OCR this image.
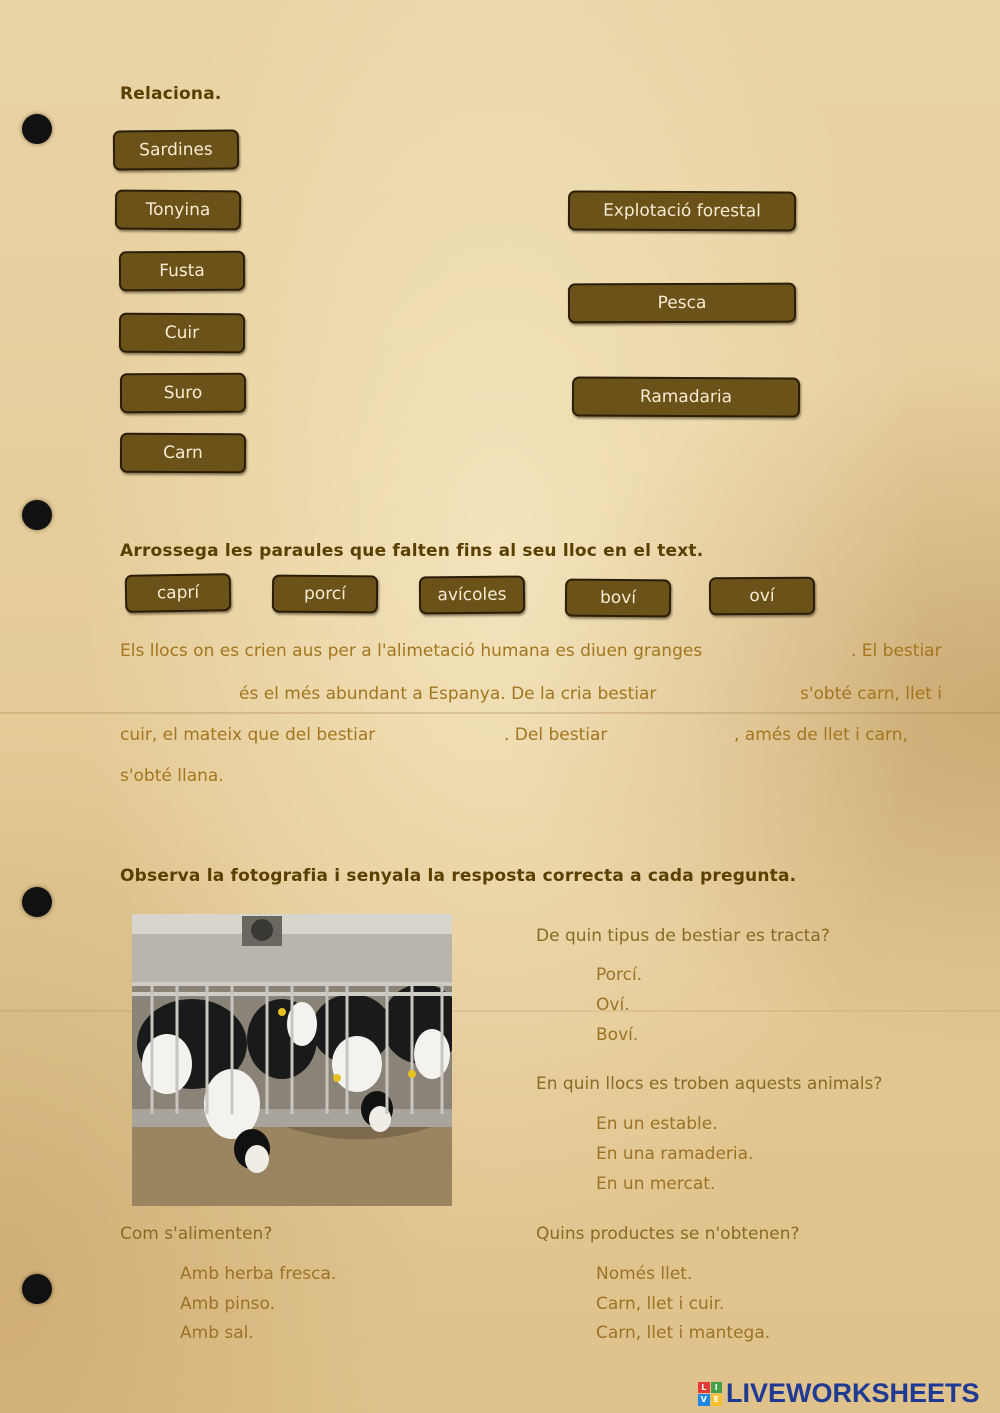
Relaciona.
Sardines
Tonyina
Fusta
Cuir
Suro
Carn
Explotació forestal
Pesca
Ramadaria
Arrossega les paraules que falten fins al seu lloc en el text.
caprí	porcí	avícoles	boví	oví
Els llocs on es crien aus per a l'alimetació humana es diuen granges	. El bestiar
és el més abundant a Espanya. De la cria bestiar	s'obté carn, llet i
cuir, el mateix que del bestiar	. Del bestiar	, amés de llet i carn,
s'obté llana.
Observa la fotografia i senyala la resposta correcta a cada pregunta.
De quin tipus de bestiar es tracta?
Porcí.
Oví.
Boví.
En quin llocs es troben aquests animals?
En un estable.
En una ramaderia.
En un mercat.
Com s'alimenten?
Amb herba fresca.
Amb pinso.
Amb sal.
Quins productes se n'obtenen?
Només llet.
Carn, llet i cuir.
Carn, llet i mantega.
L	I
V E LIVEWORKSHEETS
